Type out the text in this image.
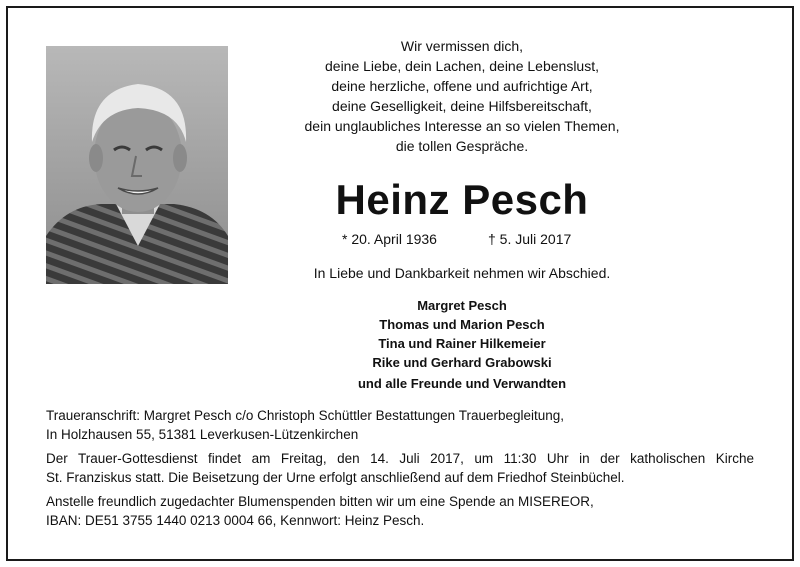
Wir vermissen dich,
deine Liebe, dein Lachen, deine Lebenslust,
deine herzliche, offene und aufrichtige Art,
deine Geselligkeit, deine Hilfsbereitschaft,
dein unglaubliches Interesse an so vielen Themen,
die tollen Gespräche.
Heinz Pesch
* 20. April 1936	† 5. Juli 2017
In Liebe und Dankbarkeit nehmen wir Abschied.
Margret Pesch
Thomas und Marion Pesch
Tina und Rainer Hilkemeier
Rike und Gerhard Grabowski
und alle Freunde und Verwandten
Traueranschrift: Margret Pesch c/o Christoph Schüttler Bestattungen Trauerbegleitung,
In Holzhausen 55, 51381 Leverkusen-Lützenkirchen
Der Trauer-Gottesdienst findet am Freitag, den 14. Juli 2017, um 11:30 Uhr in der katholischen Kirche
St. Franziskus statt. Die Beisetzung der Urne erfolgt anschließend auf dem Friedhof Steinbüchel.
Anstelle freundlich zugedachter Blumenspenden bitten wir um eine Spende an MISEREOR,
IBAN: DE51 3755 1440 0213 0004 66, Kennwort: Heinz Pesch.
